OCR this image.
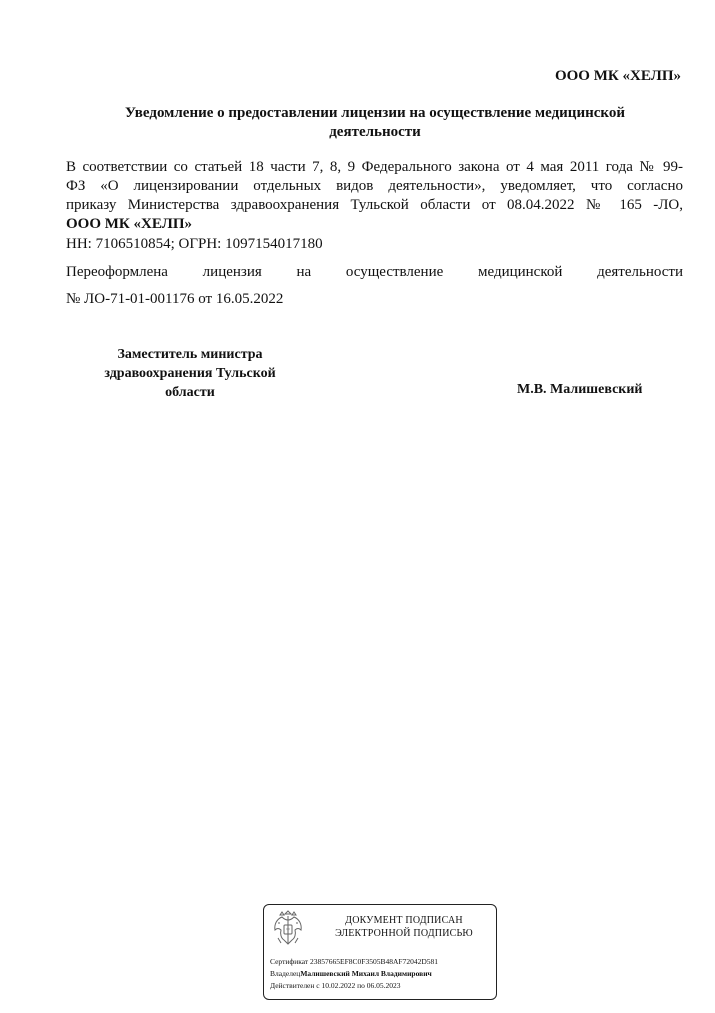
ООО МК «ХЕЛП»
Уведомление о предоставлении лицензии на осуществление медицинской
деятельности
В соответствии со статьей 18 части 7, 8, 9 Федерального закона от 4 мая 2011 года № 99-
ФЗ «О лицензировании отдельных видов деятельности», уведомляет, что согласно
приказу Министерства здравоохранения Тульской области от 08.04.2022 № 165 -ЛО,
ООО МК «ХЕЛП»
НН: 7106510854; ОГРН: 1097154017180
Переоформлена лицензия на осуществление медицинской деятельности
№ ЛО-71-01-001176 от 16.05.2022
Заместитель министра
здравоохранения Тульской
области	М.В. Малишевский
ДОКУМЕНТ ПОДПИСАН
ЭЛЕКТРОННОЙ ПОДПИСЬЮ
Сертификат 23857665EF8C0F3505B48AF72042D581
ВладелецМалишевский Михаил Владимирович
Действителен с 10.02.2022 по 06.05.2023
